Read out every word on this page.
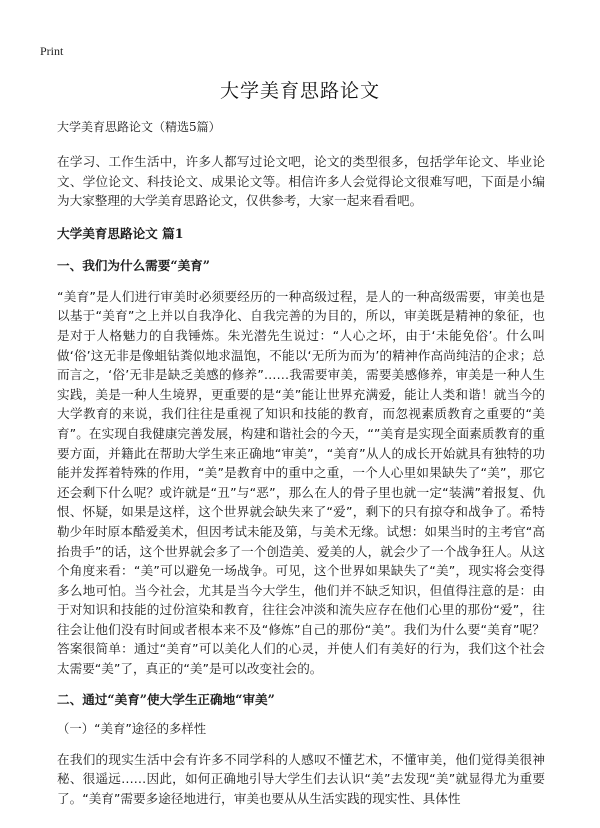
Print
大学美育思路论文
大学美育思路论文（精选5篇）

在学习、工作生活中，许多人都写过论文吧，论文的类型很多，包括学年论文、毕业论文、学位论文、科技论文、成果论文等。相信许多人会觉得论文很难写吧，下面是小编为大家整理的大学美育思路论文，仅供参考，大家一起来看看吧。

大学美育思路论文 篇1
一、我们为什么需要“美育”

“美育”是人们进行审美时必须要经历的一种高级过程，是人的一种高级需要，审美也是以基于“美育”之上并以自我净化、自我完善的为目的，所以，审美既是精神的象征，也是对于人格魅力的自我锤炼。朱光潜先生说过：“人心之坏，由于‘未能免俗’。什么叫做‘俗’这无非是像蛆钻粪似地求温饱，不能以‘无所为而为’的精神作高尚纯洁的企求；总而言之，‘俗’无非是缺乏美感的修养”……我需要审美，需要美感修养，审美是一种人生实践，美是一种人生境界，更重要的是“美”能让世界充满爱，能让人类和谐！就当今的大学教育的来说，我们往往是重视了知识和技能的教育，而忽视素质教育之重要的“美育”。在实现自我健康完善发展，构建和谐社会的今天，“”美育是实现全面素质教育的重要方面，并籍此在帮助大学生来正确地“审美”，“美育”从人的成长开始就具有独特的功能并发挥着特殊的作用，“美”是教育中的重中之重，一个人心里如果缺失了“美”，那它还会剩下什么呢？或许就是“丑”与“恶”，那么在人的骨子里也就一定“装满”着报复、仇恨、怀疑，如果是这样，这个世界就会缺失来了“爱”，剩下的只有掠夺和战争了。希特勒少年时原本酷爱美术，但因考试未能及第，与美术无缘。试想：如果当时的主考官“高抬贵手”的话，这个世界就会多了一个创造美、爱美的人，就会少了一个战争狂人。从这个角度来看：“美”可以避免一场战争。可见，这个世界如果缺失了“美”，现实将会变得多么地可怕。当今社会，尤其是当今大学生，他们并不缺乏知识，但值得注意的是：由于对知识和技能的过份渲染和教育，往往会冲淡和流失应存在他们心里的那份“爱”，往往会让他们没有时间或者根本来不及“修炼”自己的那份“美”。我们为什么要“美育”呢？答案很简单：通过“美育”可以美化人们的心灵，并使人们有美好的行为，我们这个社会太需要“美”了，真正的“美”是可以改变社会的。

二、通过“美育”使大学生正确地“审美”
（一）“美育”途径的多样性

在我们的现实生活中会有许多不同学科的人感叹不懂艺术，不懂审美，他们觉得美很神秘、很遥远……因此，如何正确地引导大学生们去认识“美”去发现“美”就显得尤为重要了。“美育”需要多途径地进行，审美也要从从生活实践的现实性、具体性
